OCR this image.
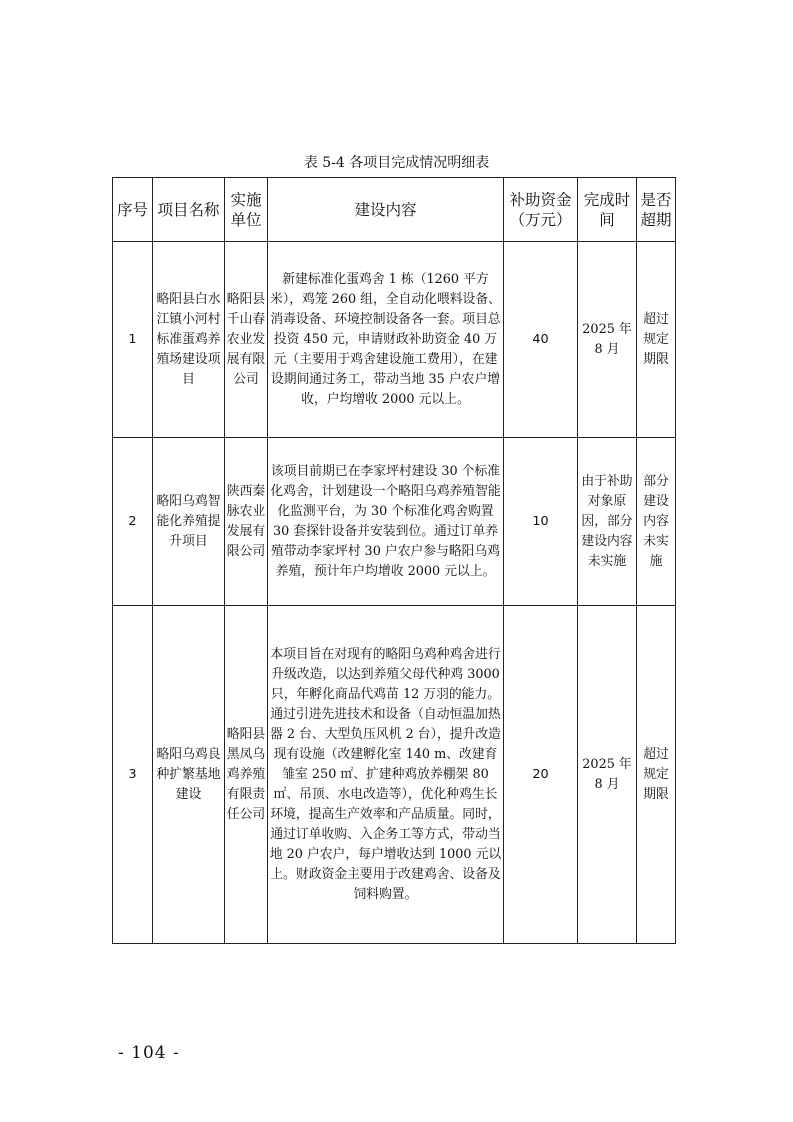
表 5-4 各项目完成情况明细表
序号	项目名称	实施单位	建设内容	补助资金（万元）	完成时间	是否超期
1	略阳县白水江镇小河村标准蛋鸡养殖场建设项目	略阳县千山春农业发展有限公司	新建标准化蛋鸡舍 1 栋（1260 平方米），鸡笼 260 组，全自动化喂料设备、消毒设备、环境控制设备各一套。项目总投资 450 元，申请财政补助资金 40 万元（主要用于鸡舍建设施工费用），在建设期间通过务工，带动当地 35 户农户增收，户均增收 2000 元以上。	40	2025 年 8 月	超过规定期限
2	略阳乌鸡智能化养殖提升项目	陕西秦脉农业发展有限公司	该项目前期已在李家坪村建设 30 个标准化鸡舍，计划建设一个略阳乌鸡养殖智能化监测平台，为 30 个标准化鸡舍购置 30 套探针设备并安装到位。通过订单养殖带动李家坪村 30 户农户参与略阳乌鸡养殖，预计年户均增收 2000 元以上。	10	由于补助对象原因，部分建设内容未实施	部分建设内容未实施
3	略阳乌鸡良种扩繁基地建设	略阳县黑凤乌鸡养殖有限责任公司	本项目旨在对现有的略阳乌鸡种鸡舍进行升级改造，以达到养殖父母代种鸡 3000 只，年孵化商品代鸡苗 12 万羽的能力。通过引进先进技术和设备（自动恒温加热器 2 台、大型负压风机 2 台），提升改造现有设施（改建孵化室 140 m、改建育雏室 250 ㎡、扩建种鸡放养棚架 80 ㎡、吊顶、水电改造等），优化种鸡生长环境，提高生产效率和产品质量。同时，通过订单收购、入企务工等方式，带动当地 20 户农户，每户增收达到 1000 元以上。财政资金主要用于改建鸡舍、设备及饲料购置。	20	2025 年 8 月	超过规定期限
- 104 -
